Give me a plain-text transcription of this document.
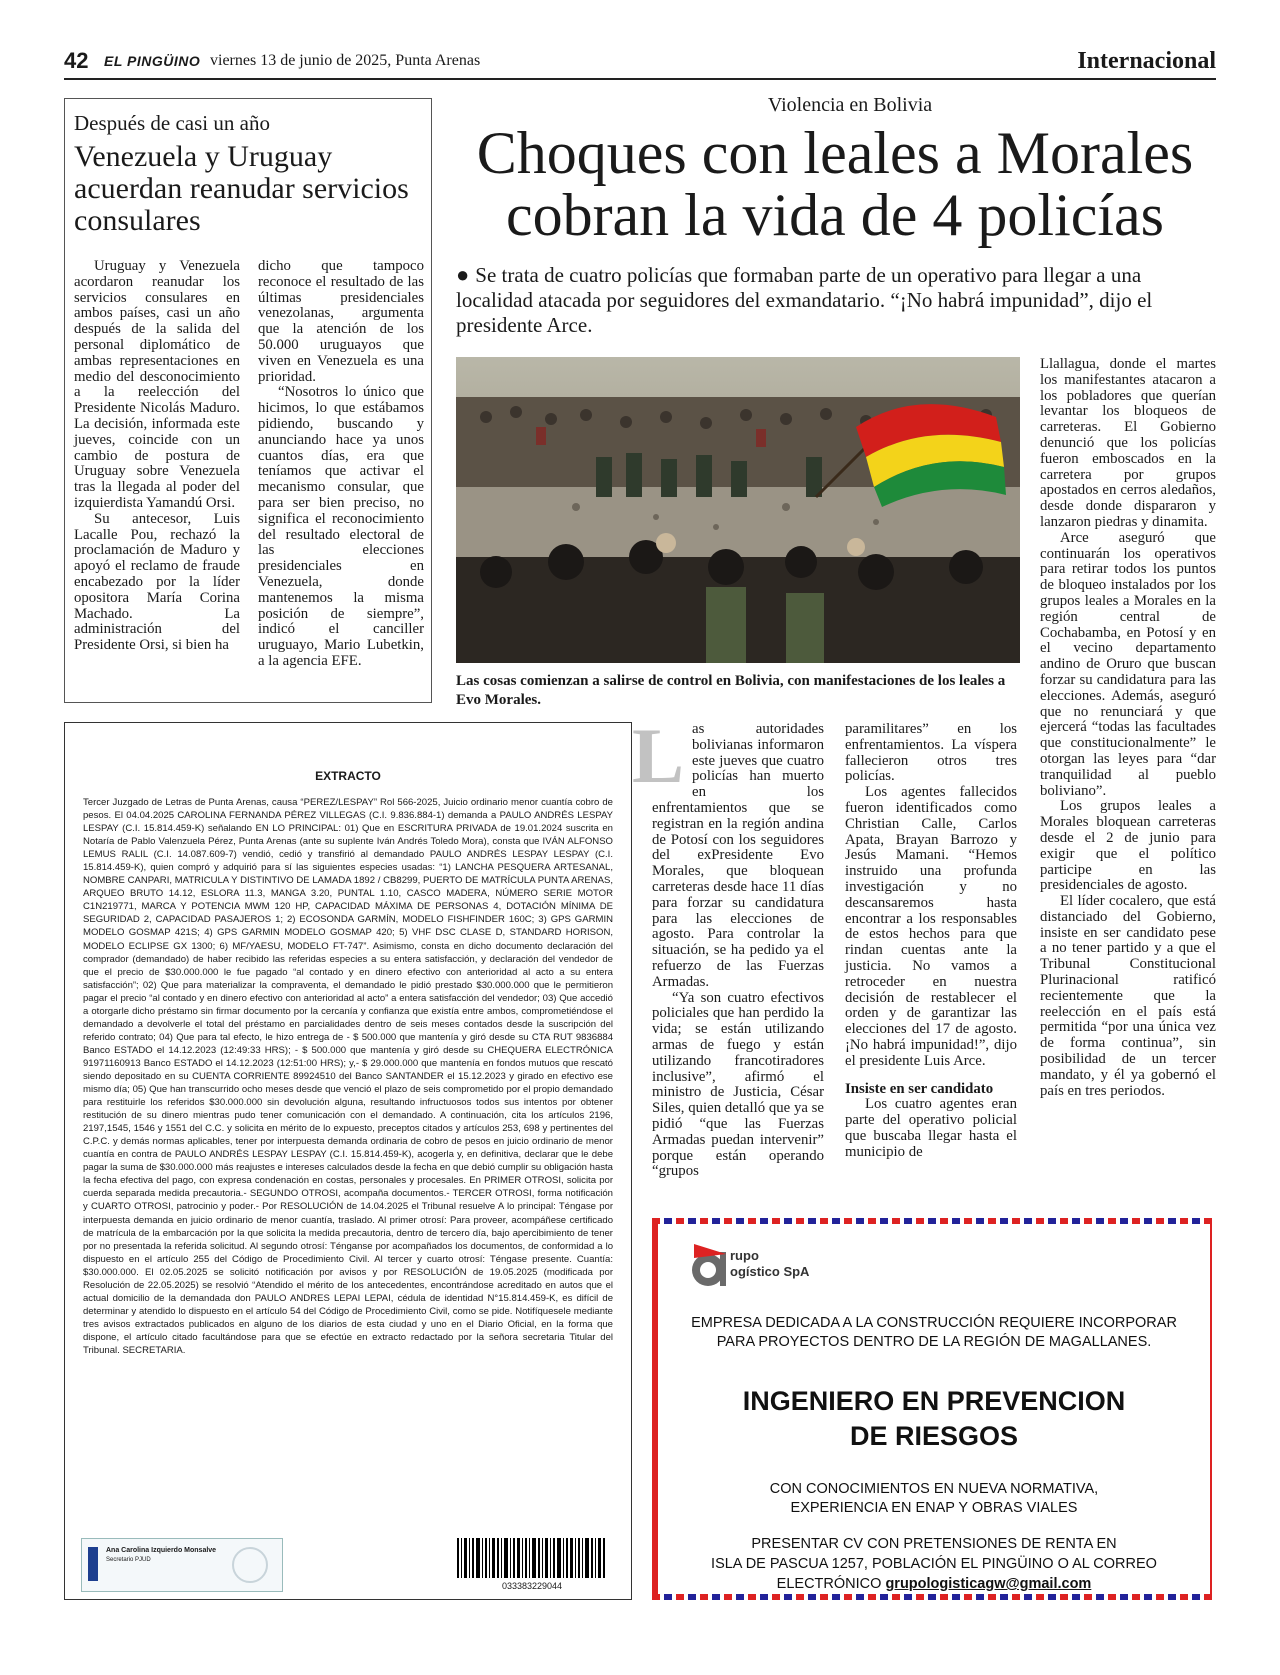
42 EL PINGÜINO viernes 13 de junio de 2025, Punta Arenas	Internacional
Después de casi un año
Venezuela y Uruguay acuerdan reanudar servicios consulares

Uruguay y Venezuela acordaron reanudar los servicios consulares en ambos países, casi un año después de la salida del personal diplomático de ambas representaciones en medio del desconocimiento a la reelección del Presidente Nicolás Maduro. La decisión, informada este jueves, coincide con un cambio de postura de Uruguay sobre Venezuela tras la llegada al poder del izquierdista Yamandú Orsi.

Su antecesor, Luis Lacalle Pou, rechazó la proclamación de Maduro y apoyó el reclamo de fraude encabezado por la líder opositora María Corina Machado. La administración del Presidente Orsi, si bien ha

dicho que tampoco reconoce el resultado de las últimas presidenciales venezolanas, argumenta que la atención de los 50.000 uruguayos que viven en Venezuela es una prioridad.

“Nosotros lo único que hicimos, lo que estábamos pidiendo, buscando y anunciando hace ya unos cuantos días, era que teníamos que activar el mecanismo consular, que para ser bien preciso, no significa el reconocimiento del resultado electoral de las elecciones presidenciales en Venezuela, donde mantenemos la misma posición de siempre”, indicó el canciller uruguayo, Mario Lubetkin, a la agencia EFE.

Violencia en Bolivia
Choques con leales a Morales cobran la vida de 4 policías
● Se trata de cuatro policías que formaban parte de un operativo para llegar a una localidad atacada por seguidores del exmandatario. “¡No habrá impunidad”, dijo el presidente Arce.
Las cosas comienzan a salirse de control en Bolivia, con manifestaciones de los leales a Evo Morales.

Las autoridades bolivianas informaron este jueves que cuatro policías han muerto en los enfrentamientos que se registran en la región andina de Potosí con los seguidores del exPresidente Evo Morales, que bloquean carreteras desde hace 11 días para forzar su candidatura para las elecciones de agosto. Para controlar la situación, se ha pedido ya el refuerzo de las Fuerzas Armadas.

“Ya son cuatro efectivos policiales que han perdido la vida; se están utilizando armas de fuego y están utilizando francotiradores inclusive”, afirmó el ministro de Justicia, César Siles, quien detalló que ya se pidió “que las Fuerzas Armadas puedan intervenir” porque están operando “grupos

paramilitares” en los enfrentamientos. La víspera fallecieron otros tres policías.

Los agentes fallecidos fueron identificados como Christian Calle, Carlos Apata, Brayan Barrozo y Jesús Mamani. “Hemos instruido una profunda investigación y no descansaremos hasta encontrar a los responsables de estos hechos para que rindan cuentas ante la justicia. No vamos a retroceder en nuestra decisión de restablecer el orden y de garantizar las elecciones del 17 de agosto. ¡No habrá impunidad!”, dijo el presidente Luis Arce.

Insiste en ser candidato

Los cuatro agentes eran parte del operativo policial que buscaba llegar hasta el municipio de

Llallagua, donde el martes los manifestantes atacaron a los pobladores que querían levantar los bloqueos de carreteras. El Gobierno denunció que los policías fueron emboscados en la carretera por grupos apostados en cerros aledaños, desde donde dispararon y lanzaron piedras y dinamita.

Arce aseguró que continuarán los operativos para retirar todos los puntos de bloqueo instalados por los grupos leales a Morales en la región central de Cochabamba, en Potosí y en el vecino departamento andino de Oruro que buscan forzar su candidatura para las elecciones. Además, aseguró que no renunciará y que ejercerá “todas las facultades que constitucionalmente” le otorgan las leyes para “dar tranquilidad al pueblo boliviano”.

Los grupos leales a Morales bloquean carreteras desde el 2 de junio para exigir que el político participe en las presidenciales de agosto.

El líder cocalero, que está distanciado del Gobierno, insiste en ser candidato pese a no tener partido y a que el Tribunal Constitucional Plurinacional ratificó recientemente que la reelección en el país está permitida “por una única vez de forma continua”, sin posibilidad de un tercer mandato, y él ya gobernó el país en tres periodos.

EXTRACTO
Tercer Juzgado de Letras de Punta Arenas, causa “PEREZ/LESPAY” Rol 566-2025, Juicio ordinario menor cuantía cobro de pesos. El 04.04.2025 CAROLINA FERNANDA PÉREZ VILLEGAS (C.I. 9.836.884-1) demanda a PAULO ANDRÉS LESPAY LESPAY (C.I. 15.814.459-K) señalando EN LO PRINCIPAL: 01) Que en ESCRITURA PRIVADA de 19.01.2024 suscrita en Notaría de Pablo Valenzuela Pérez, Punta Arenas (ante su suplente Iván Andrés Toledo Mora), consta que IVÁN ALFONSO LEMUS RALIL (C.I. 14.087.609-7) vendió, cedió y transfirió al demandado PAULO ANDRÉS LESPAY LESPAY (C.I. 15.814.459-K), quien compró y adquirió para sí las siguientes especies usadas: “1) LANCHA PESQUERA ARTESANAL, NOMBRE CANPARI, MATRICULA Y DISTINTIVO DE LAMADA 1892 / CB8299, PUERTO DE MATRÍCULA PUNTA ARENAS, ARQUEO BRUTO 14.12, ESLORA 11.3, MANGA 3.20, PUNTAL 1.10, CASCO MADERA, NÚMERO SERIE MOTOR C1N219771, MARCA Y POTENCIA MWM 120 HP, CAPACIDAD MÁXIMA DE PERSONAS 4, DOTACIÓN MÍNIMA DE SEGURIDAD 2, CAPACIDAD PASAJEROS 1; 2) ECOSONDA GARMÍN, MODELO FISHFINDER 160C; 3) GPS GARMIN MODELO GOSMAP 421S; 4) GPS GARMIN MODELO GOSMAP 420; 5) VHF DSC CLASE D, STANDARD HORISON, MODELO ECLIPSE GX 1300; 6) MF/YAESU, MODELO FT-747”. Asimismo, consta en dicho documento declaración del comprador (demandado) de haber recibido las referidas especies a su entera satisfacción, y declaración del vendedor de que el precio de $30.000.000 le fue pagado “al contado y en dinero efectivo con anterioridad al acto a su entera satisfacción”; 02) Que para materializar la compraventa, el demandado le pidió prestado $30.000.000 que le permitieron pagar el precio “al contado y en dinero efectivo con anterioridad al acto” a entera satisfacción del vendedor; 03) Que accedió a otorgarle dicho préstamo sin firmar documento por la cercanía y confianza que existía entre ambos, comprometiéndose el demandado a devolverle el total del préstamo en parcialidades dentro de seis meses contados desde la suscripción del referido contrato; 04) Que para tal efecto, le hizo entrega de - $ 500.000 que mantenía y giró desde su CTA RUT 9836884 Banco ESTADO el 14.12.2023 (12:49:33 HRS); - $ 500.000 que mantenía y giró desde su CHEQUERA ELECTRÓNICA 91971160913 Banco ESTADO el 14.12.2023 (12:51:00 HRS); y,- $ 29.000.000 que mantenía en fondos mutuos que rescató siendo depositado en su CUENTA CORRIENTE 89924510 del Banco SANTANDER el 15.12.2023 y girado en efectivo ese mismo día; 05) Que han transcurrido ocho meses desde que venció el plazo de seis comprometido por el propio demandado para restituirle los referidos $30.000.000 sin devolución alguna, resultando infructuosos todos sus intentos por obtener restitución de su dinero mientras pudo tener comunicación con el demandado. A continuación, cita los artículos 2196, 2197,1545, 1546 y 1551 del C.C. y solicita en mérito de lo expuesto, preceptos citados y artículos 253, 698 y pertinentes del C.P.C. y demás normas aplicables, tener por interpuesta demanda ordinaria de cobro de pesos en juicio ordinario de menor cuantía en contra de PAULO ANDRÉS LESPAY LESPAY (C.I. 15.814.459-K), acogerla y, en definitiva, declarar que le debe pagar la suma de $30.000.000 más reajustes e intereses calculados desde la fecha en que debió cumplir su obligación hasta la fecha efectiva del pago, con expresa condenación en costas, personales y procesales. En PRIMER OTROSI, solicita por cuerda separada medida precautoria.- SEGUNDO OTROSI, acompaña documentos.- TERCER OTROSI, forma notificación y CUARTO OTROSI, patrocinio y poder.- Por RESOLUCIÓN de 14.04.2025 el Tribunal resuelve A lo principal: Téngase por interpuesta demanda en juicio ordinario de menor cuantía, traslado. Al primer otrosí: Para proveer, acompáñese certificado de matrícula de la embarcación por la que solicita la medida precautoria, dentro de tercero día, bajo apercibimiento de tener por no presentada la referida solicitud. Al segundo otrosí: Ténganse por acompañados los documentos, de conformidad a lo dispuesto en el artículo 255 del Código de Procedimiento Civil. Al tercer y cuarto otrosí: Téngase presente. Cuantía: $30.000.000. El 02.05.2025 se solicitó notificación por avisos y por RESOLUCIÓN de 19.05.2025 (modificada por Resolución de 22.05.2025) se resolvió “Atendido el mérito de los antecedentes, encontrándose acreditado en autos que el actual domicilio de la demandada don PAULO ANDRES LEPAI LEPAI, cédula de identidad N°15.814.459-K, es difícil de determinar y atendido lo dispuesto en el artículo 54 del Código de Procedimiento Civil, como se pide. Notifíquesele mediante tres avisos extractados publicados en alguno de los diarios de esta ciudad y uno en el Diario Oficial, en la forma que dispone, el artículo citado facultándose para que se efectúe en extracto redactado por la señora secretaria Titular del Tribunal. SECRETARIA.
Ana Carolina Izquierdo Monsalve
Secretario PJUD
033383229044
rupo
ogístico SpA
EMPRESA DEDICADA A LA CONSTRUCCIÓN REQUIERE INCORPORAR PARA PROYECTOS DENTRO DE LA REGIÓN DE MAGALLANES.
INGENIERO EN PREVENCION
DE RIESGOS
CON CONOCIMIENTOS EN NUEVA NORMATIVA,
EXPERIENCIA EN ENAP Y OBRAS VIALES
PRESENTAR CV CON PRETENSIONES DE RENTA EN
ISLA DE PASCUA 1257, POBLACIÓN EL PINGÜINO O AL CORREO
ELECTRÓNICO grupologisticagw@gmail.com
